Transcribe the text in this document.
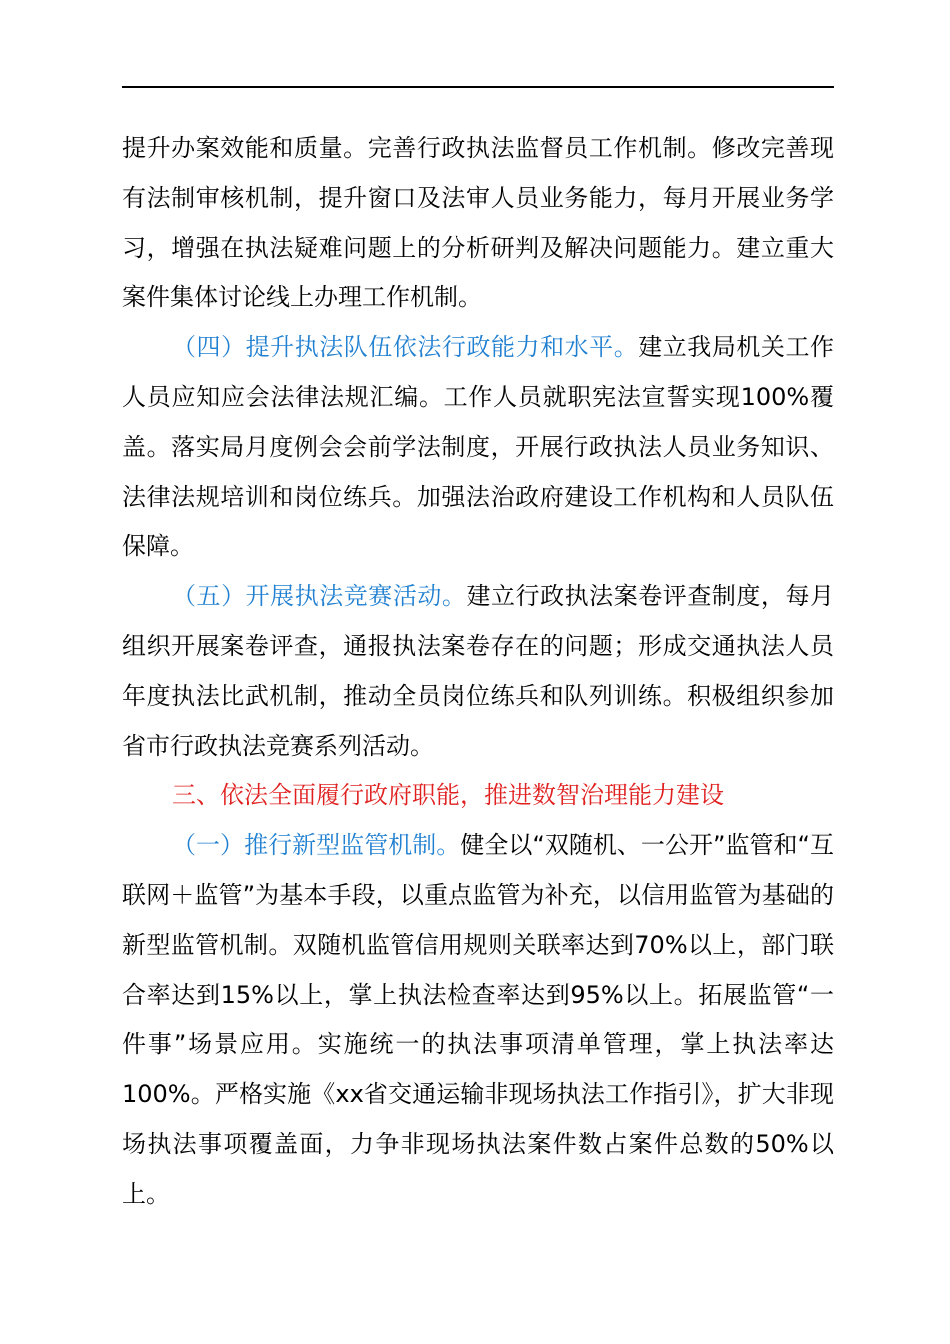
提升办案效能和质量。完善行政执法监督员工作机制。修改完善现有法制审核机制，提升窗口及法审人员业务能力，每月开展业务学习，增强在执法疑难问题上的分析研判及解决问题能力。建立重大案件集体讨论线上办理工作机制。

（四）提升执法队伍依法行政能力和水平。建立我局机关工作人员应知应会法律法规汇编。工作人员就职宪法宣誓实现100%覆盖。落实局月度例会会前学法制度，开展行政执法人员业务知识、法律法规培训和岗位练兵。加强法治政府建设工作机构和人员队伍保障。

（五）开展执法竞赛活动。建立行政执法案卷评查制度，每月组织开展案卷评查，通报执法案卷存在的问题；形成交通执法人员年度执法比武机制，推动全员岗位练兵和队列训练。积极组织参加省市行政执法竞赛系列活动。

三、依法全面履行政府职能，推进数智治理能力建设

（一）推行新型监管机制。健全以“双随机、一公开”监管和“互联网＋监管”为基本手段，以重点监管为补充，以信用监管为基础的新型监管机制。双随机监管信用规则关联率达到70%以上，部门联合率达到15%以上，掌上执法检查率达到95%以上。拓展监管“一件事”场景应用。实施统一的执法事项清单管理，掌上执法率达100%。严格实施《xx省交通运输非现场执法工作指引》，扩大非现场执法事项覆盖面，力争非现场执法案件数占案件总数的50%以上。
